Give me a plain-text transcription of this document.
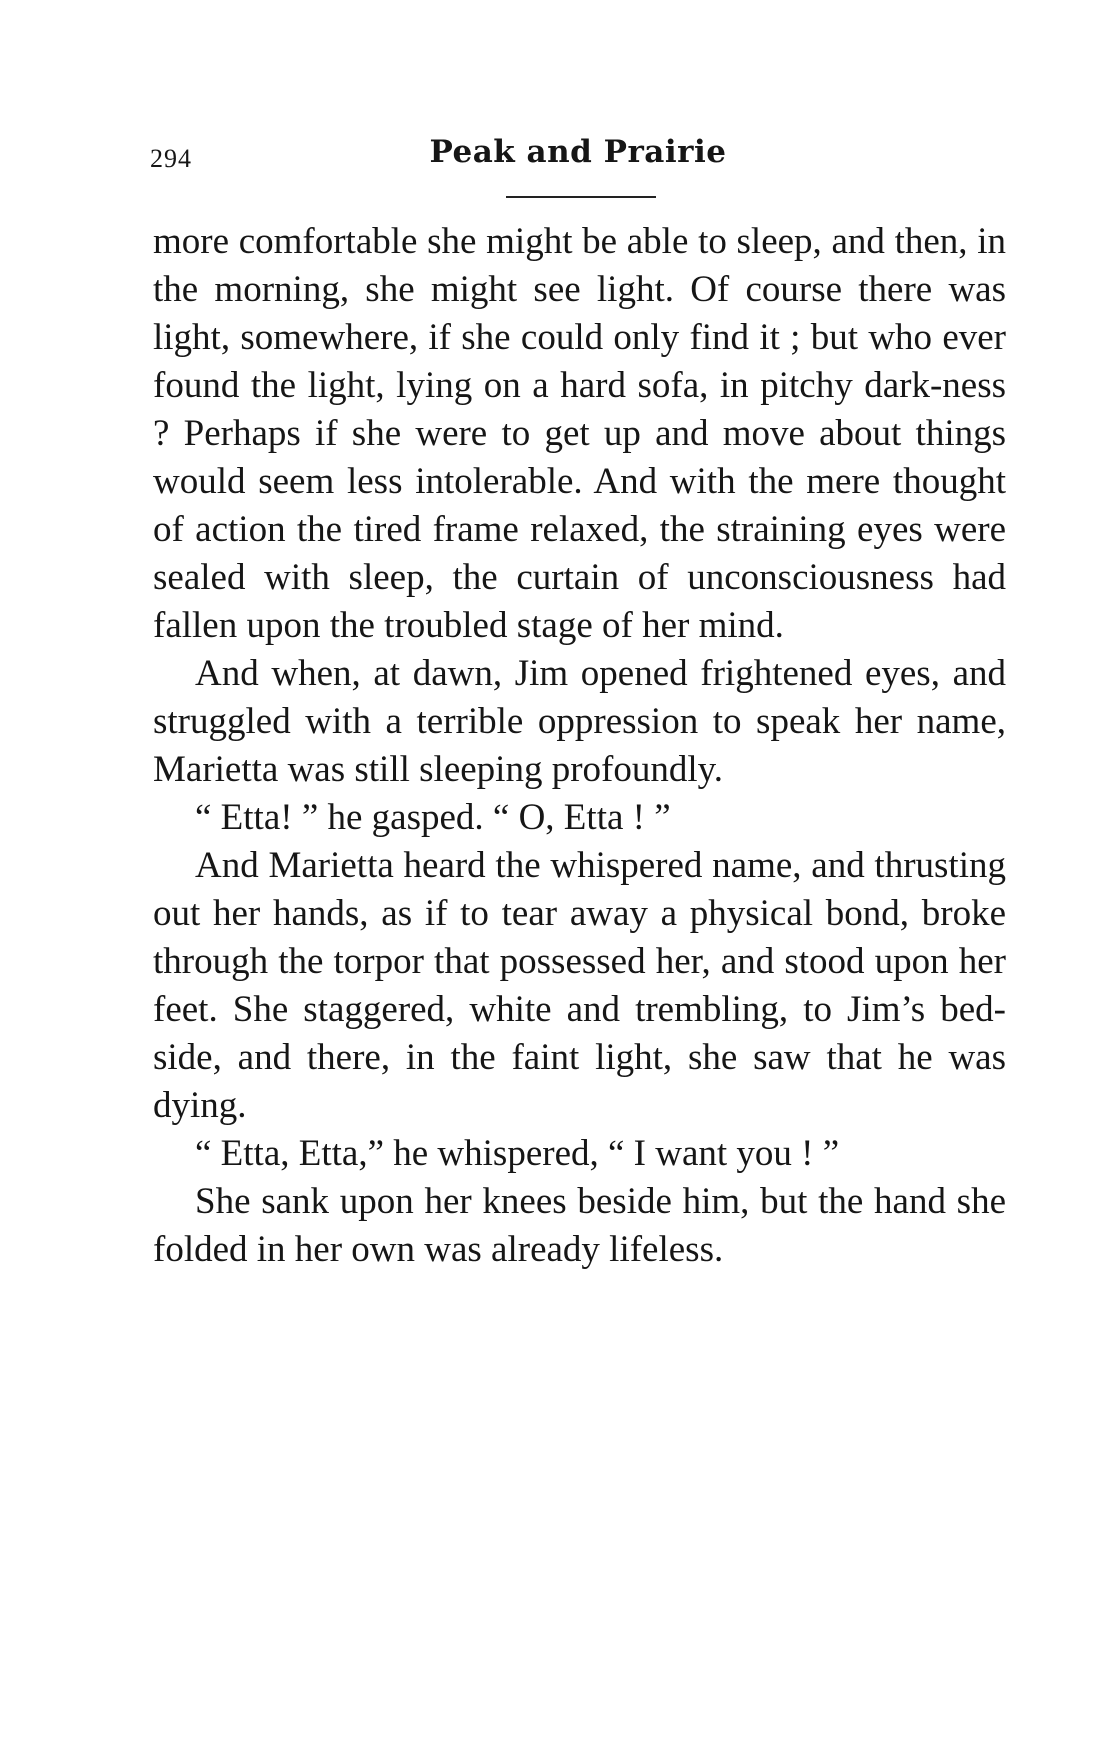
294	Peak and Prairie

more comfortable she might be able to sleep, and then, in the morning, she might see light. Of course there was light, somewhere, if she could only find it ; but who ever found the light, lying on a hard sofa, in pitchy dark-ness ? Perhaps if she were to get up and move about things would seem less intolerable. And with the mere thought of action the tired frame relaxed, the straining eyes were sealed with sleep, the curtain of unconsciousness had fallen upon the troubled stage of her mind.

And when, at dawn, Jim opened frightened eyes, and struggled with a terrible oppression to speak her name, Marietta was still sleeping profoundly.

“ Etta! ” he gasped. “ O, Etta ! ”

And Marietta heard the whispered name, and thrusting out her hands, as if to tear away a physical bond, broke through the torpor that possessed her, and stood upon her feet. She staggered, white and trembling, to Jim’s bed-side, and there, in the faint light, she saw that he was dying.

“ Etta, Etta,” he whispered, “ I want you ! ”

She sank upon her knees beside him, but the hand she folded in her own was already lifeless.
